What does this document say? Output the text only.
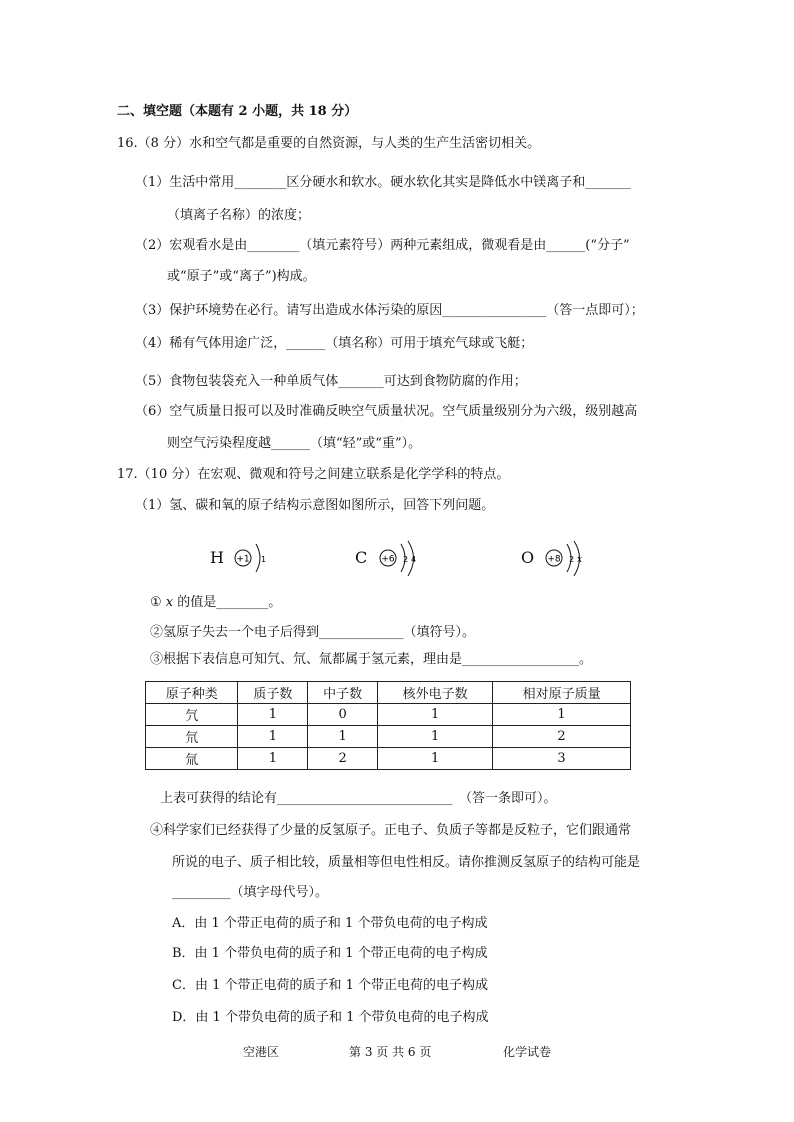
二、填空题（本题有 2 小题，共 18 分）
16.（8 分）水和空气都是重要的自然资源，与人类的生产生活密切相关。
（1）生活中常用________区分硬水和软水。硬水软化其实是降低水中镁离子和_______
（填离子名称）的浓度；
（2）宏观看水是由________（填元素符号）两种元素组成，微观看是由______(“分子”
或“原子”或“离子”)构成。
（3）保护环境势在必行。请写出造成水体污染的原因________________（答一点即可）；
（4）稀有气体用途广泛，______（填名称）可用于填充气球或飞艇；
（5）食物包装袋充入一种单质气体_______可达到食物防腐的作用；
（6）空气质量日报可以及时准确反映空气质量状况。空气质量级别分为六级，级别越高
则空气污染程度越______（填“轻”或“重”）。
17.（10 分）在宏观、微观和符号之间建立联系是化学学科的特点。
（1）氢、碳和氧的原子结构示意图如图所示，回答下列问题。
H +1 1	C +6 2 4	O +8 2 x
① x 的值是________。
②氢原子失去一个电子后得到_____________（填符号）。
③根据下表信息可知氕、氘、氚都属于氢元素，理由是__________________。
原子种类	质子数	中子数	核外电子数	相对原子质量
氕	1	0	1	1
氘	1	1	1	2
氚	1	2	1	3
上表可获得的结论有___________________________　（答一条即可）。
④科学家们已经获得了少量的反氢原子。正电子、负质子等都是反粒子，它们跟通常
所说的电子、质子相比较，质量相等但电性相反。请你推测反氢原子的结构可能是
_________（填字母代号）。
A．由 1 个带正电荷的质子和 1 个带负电荷的电子构成
B．由 1 个带负电荷的质子和 1 个带正电荷的电子构成
C．由 1 个带正电荷的质子和 1 个带正电荷的电子构成
D．由 1 个带负电荷的质子和 1 个带负电荷的电子构成
空港区	第 3 页 共 6 页	化学试卷
